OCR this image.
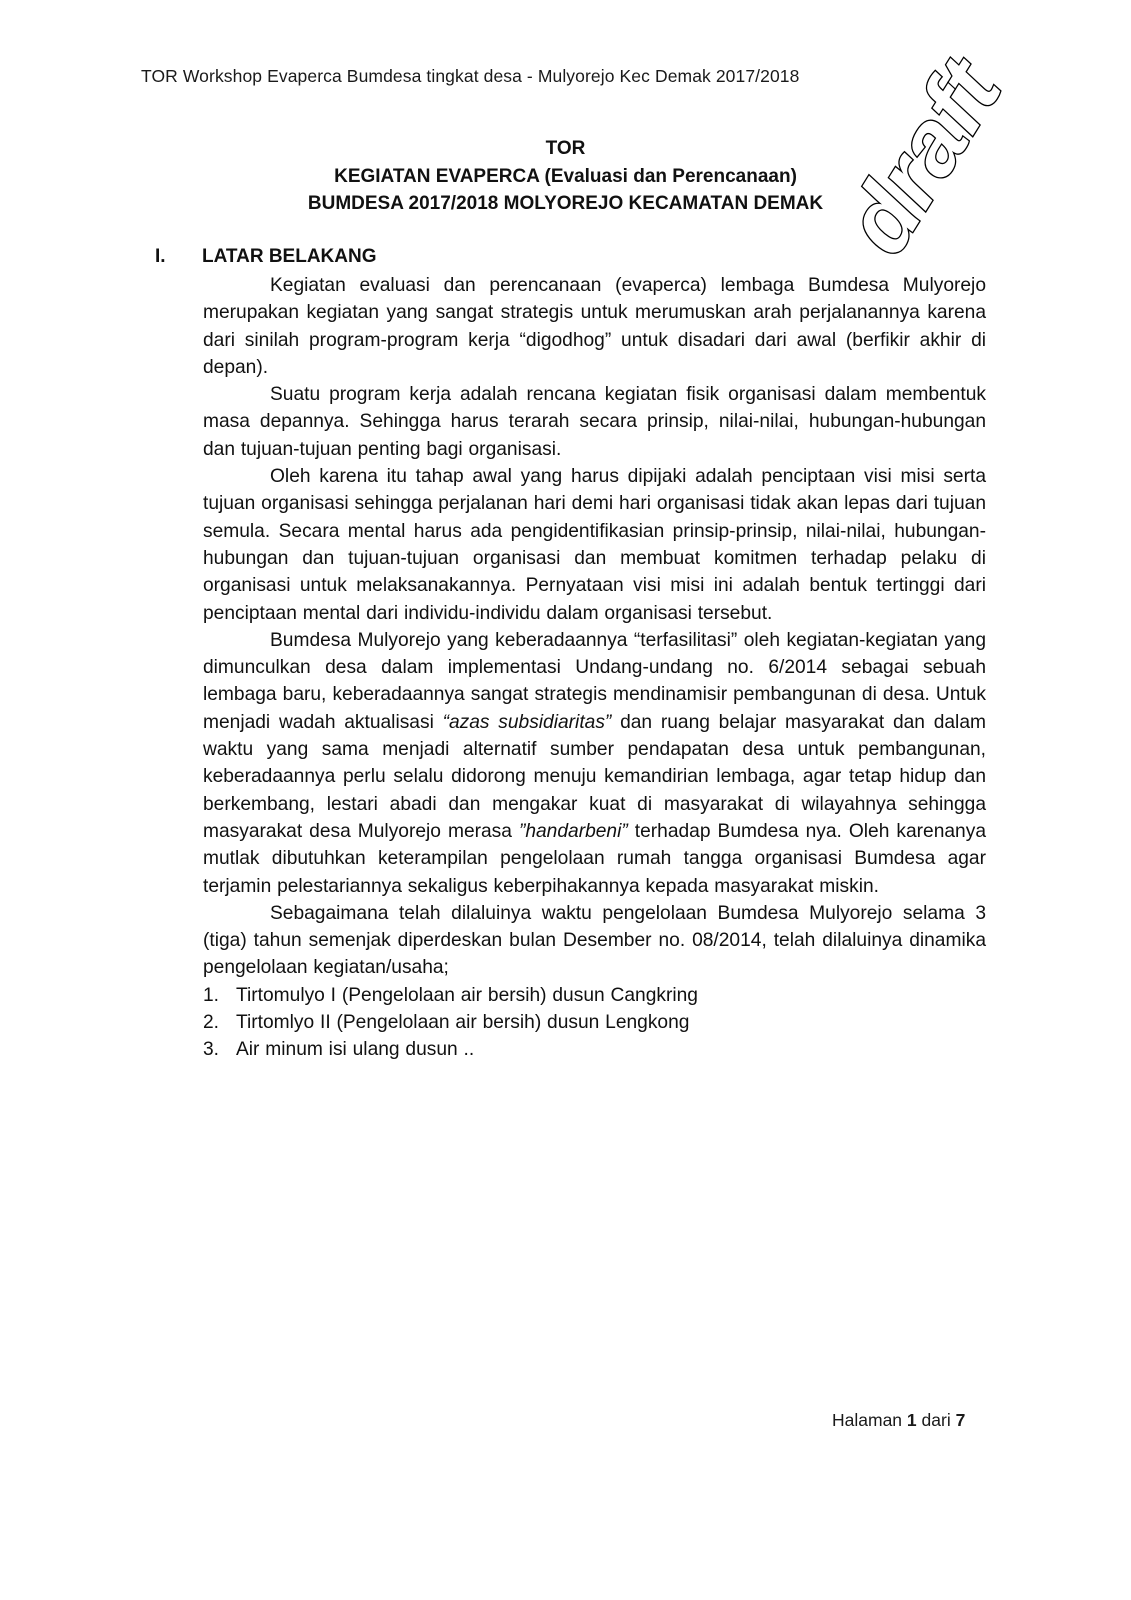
TOR Workshop Evaperca Bumdesa tingkat desa - Mulyorejo Kec Demak 2017/2018
TOR
KEGIATAN EVAPERCA (Evaluasi dan Perencanaan)
BUMDESA 2017/2018 MOLYOREJO KECAMATAN DEMAK draft
I. LATAR BELAKANG

Kegiatan evaluasi dan perencanaan (evaperca) lembaga Bumdesa Mulyorejo merupakan kegiatan yang sangat strategis untuk merumuskan arah perjalanannya karena dari sinilah program-program kerja “digodhog” untuk disadari dari awal (berfikir akhir di depan).

Suatu program kerja adalah rencana kegiatan fisik organisasi dalam membentuk masa depannya. Sehingga harus terarah secara prinsip, nilai-nilai, hubungan-hubungan dan tujuan-tujuan penting bagi organisasi.

Oleh karena itu tahap awal yang harus dipijaki adalah penciptaan visi misi serta tujuan organisasi sehingga perjalanan hari demi hari organisasi tidak akan lepas dari tujuan semula. Secara mental harus ada pengidentifikasian prinsip-prinsip, nilai-nilai, hubungan-hubungan dan tujuan-tujuan organisasi dan membuat komitmen terhadap pelaku di organisasi untuk melaksanakannya. Pernyataan visi misi ini adalah bentuk tertinggi dari penciptaan mental dari individu-individu dalam organisasi tersebut.

Bumdesa Mulyorejo yang keberadaannya “terfasilitasi” oleh kegiatan-kegiatan yang dimunculkan desa dalam implementasi Undang-undang no. 6/2014 sebagai sebuah lembaga baru, keberadaannya sangat strategis mendinamisir pembangunan di desa. Untuk menjadi wadah aktualisasi “azas subsidiaritas” dan ruang belajar masyarakat dan dalam waktu yang sama menjadi alternatif sumber pendapatan desa untuk pembangunan, keberadaannya perlu selalu didorong menuju kemandirian lembaga, agar tetap hidup dan berkembang, lestari abadi dan mengakar kuat di masyarakat di wilayahnya sehingga masyarakat desa Mulyorejo merasa ”handarbeni” terhadap Bumdesa nya. Oleh karenanya mutlak dibutuhkan keterampilan pengelolaan rumah tangga organisasi Bumdesa agar terjamin pelestariannya sekaligus keberpihakannya kepada masyarakat miskin.

Sebagaimana telah dilaluinya waktu pengelolaan Bumdesa Mulyorejo selama 3 (tiga) tahun semenjak diperdeskan bulan Desember no. 08/2014, telah dilaluinya dinamika pengelolaan kegiatan/usaha;

1. Tirtomulyo I (Pengelolaan air bersih) dusun Cangkring
2. Tirtomlyo II (Pengelolaan air bersih) dusun Lengkong
3. Air minum isi ulang dusun ..
Halaman 1 dari 7
